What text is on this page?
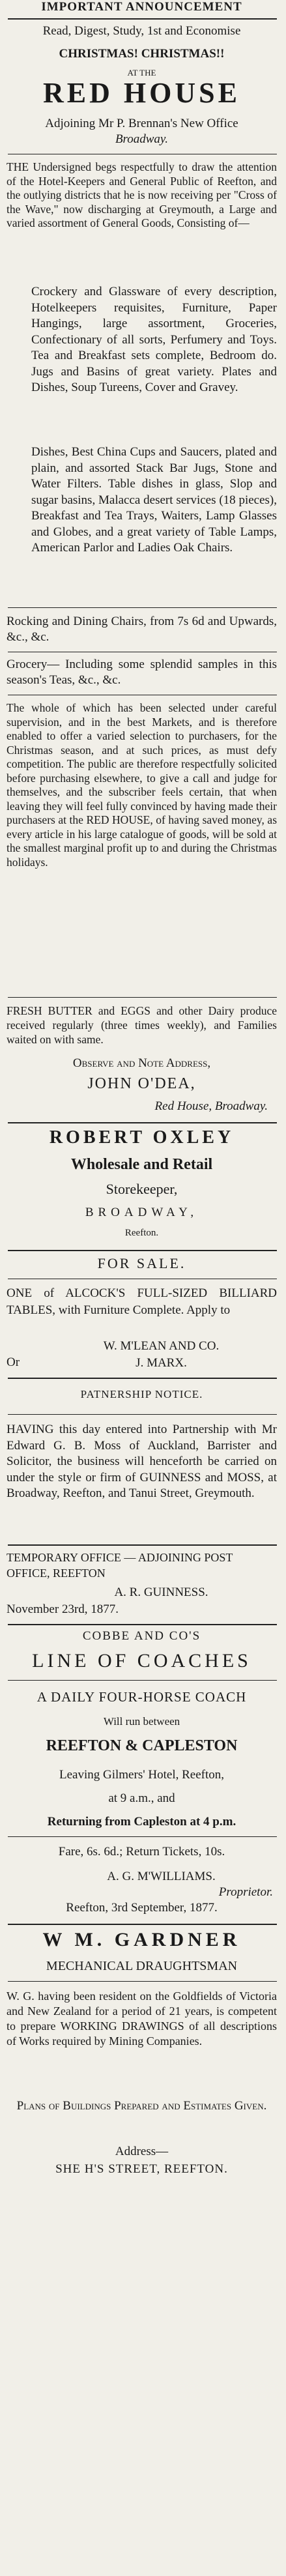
IMPORTANT ANNOUNCEMENT
Read, Digest, Study, 1st and Economise
CHRISTMAS! CHRISTMAS!!
AT THE
RED HOUSE
Adjoining Mr P. Brennan's New Office
Broadway.

THE Undersigned begs respectfully to draw the attention of the Hotel-Keepers and General Public of Reefton, and the outlying districts that he is now receiving per "Cross of the Wave," now discharging at Greymouth, a Large and varied assortment of General Goods, Consisting of—

Crockery and Glassware of every description, Hotelkeepers requisites, Furniture, Paper Hangings, large assortment, Groceries, Confectionary of all sorts, Perfumery and Toys. Tea and Breakfast sets complete, Bedroom do. Jugs and Basins of great variety. Plates and Dishes, Soup Tureens, Cover and Gravey.

Dishes, Best China Cups and Saucers, plated and plain, and assorted Stack Bar Jugs, Stone and Water Filters. Table dishes in glass, Slop and sugar basins, Malacca desert services (18 pieces), Breakfast and Tea Trays, Waiters, Lamp Glasses and Globes, and a great variety of Table Lamps, American Parlor and Ladies Oak Chairs.

Rocking and Dining Chairs, from 7s 6d and Upwards, &c., &c.

Grocery— Including some splendid samples in this season's Teas, &c., &c.

The whole of which has been selected under careful supervision, and in the best Markets, and is therefore enabled to offer a varied selection to purchasers, for the Christmas season, and at such prices, as must defy competition. The public are therefore respectfully solicited before purchasing elsewhere, to give a call and judge for themselves, and the subscriber feels certain, that when leaving they will feel fully convinced by having made their purchasers at the RED HOUSE, of having saved money, as every article in his large catalogue of goods, will be sold at the smallest marginal profit up to and during the Christmas holidays.

FRESH BUTTER and EGGS and other Dairy produce received regularly (three times weekly), and Families waited on with same.

Observe and Note Address,
JOHN O'DEA,
Red House, Broadway.
ROBERT OXLEY
Wholesale and Retail
Storekeeper,
BROADWAY,
Reefton.
FOR SALE.

ONE of ALCOCK'S FULL-SIZED BILLIARD TABLES, with Furniture Complete. Apply to

W. M'LEAN AND CO.
Or	J. MARX.
PATNERSHIP NOTICE.

HAVING this day entered into Partnership with Mr Edward G. B. Moss of Auckland, Barrister and Solicitor, the business will henceforth be carried on under the style or firm of GUINNESS and MOSS, at Broadway, Reefton, and Tanui Street, Greymouth.

TEMPORARY OFFICE — ADJOINING POST OFFICE, REEFTON

A. R. GUINNESS.
November 23rd, 1877.
COBBE AND CO'S
LINE OF COACHES
A DAILY FOUR-HORSE COACH
Will run between
REEFTON & CAPLESTON
Leaving Gilmers' Hotel, Reefton,
at 9 a.m., and
Returning from Capleston at 4 p.m.
Fare, 6s. 6d.; Return Tickets, 10s.
A. G. M'WILLIAMS.
Proprietor.
Reefton, 3rd September, 1877.
W M. GARDNER
MECHANICAL DRAUGHTSMAN

W. G. having been resident on the Goldfields of Victoria and New Zealand for a period of 21 years, is competent to prepare WORKING DRAWINGS of all descriptions of Works required by Mining Companies.

Plans of Buildings Prepared and Estimates Given.

Address—
SHE H'S STREET, REEFTON.
